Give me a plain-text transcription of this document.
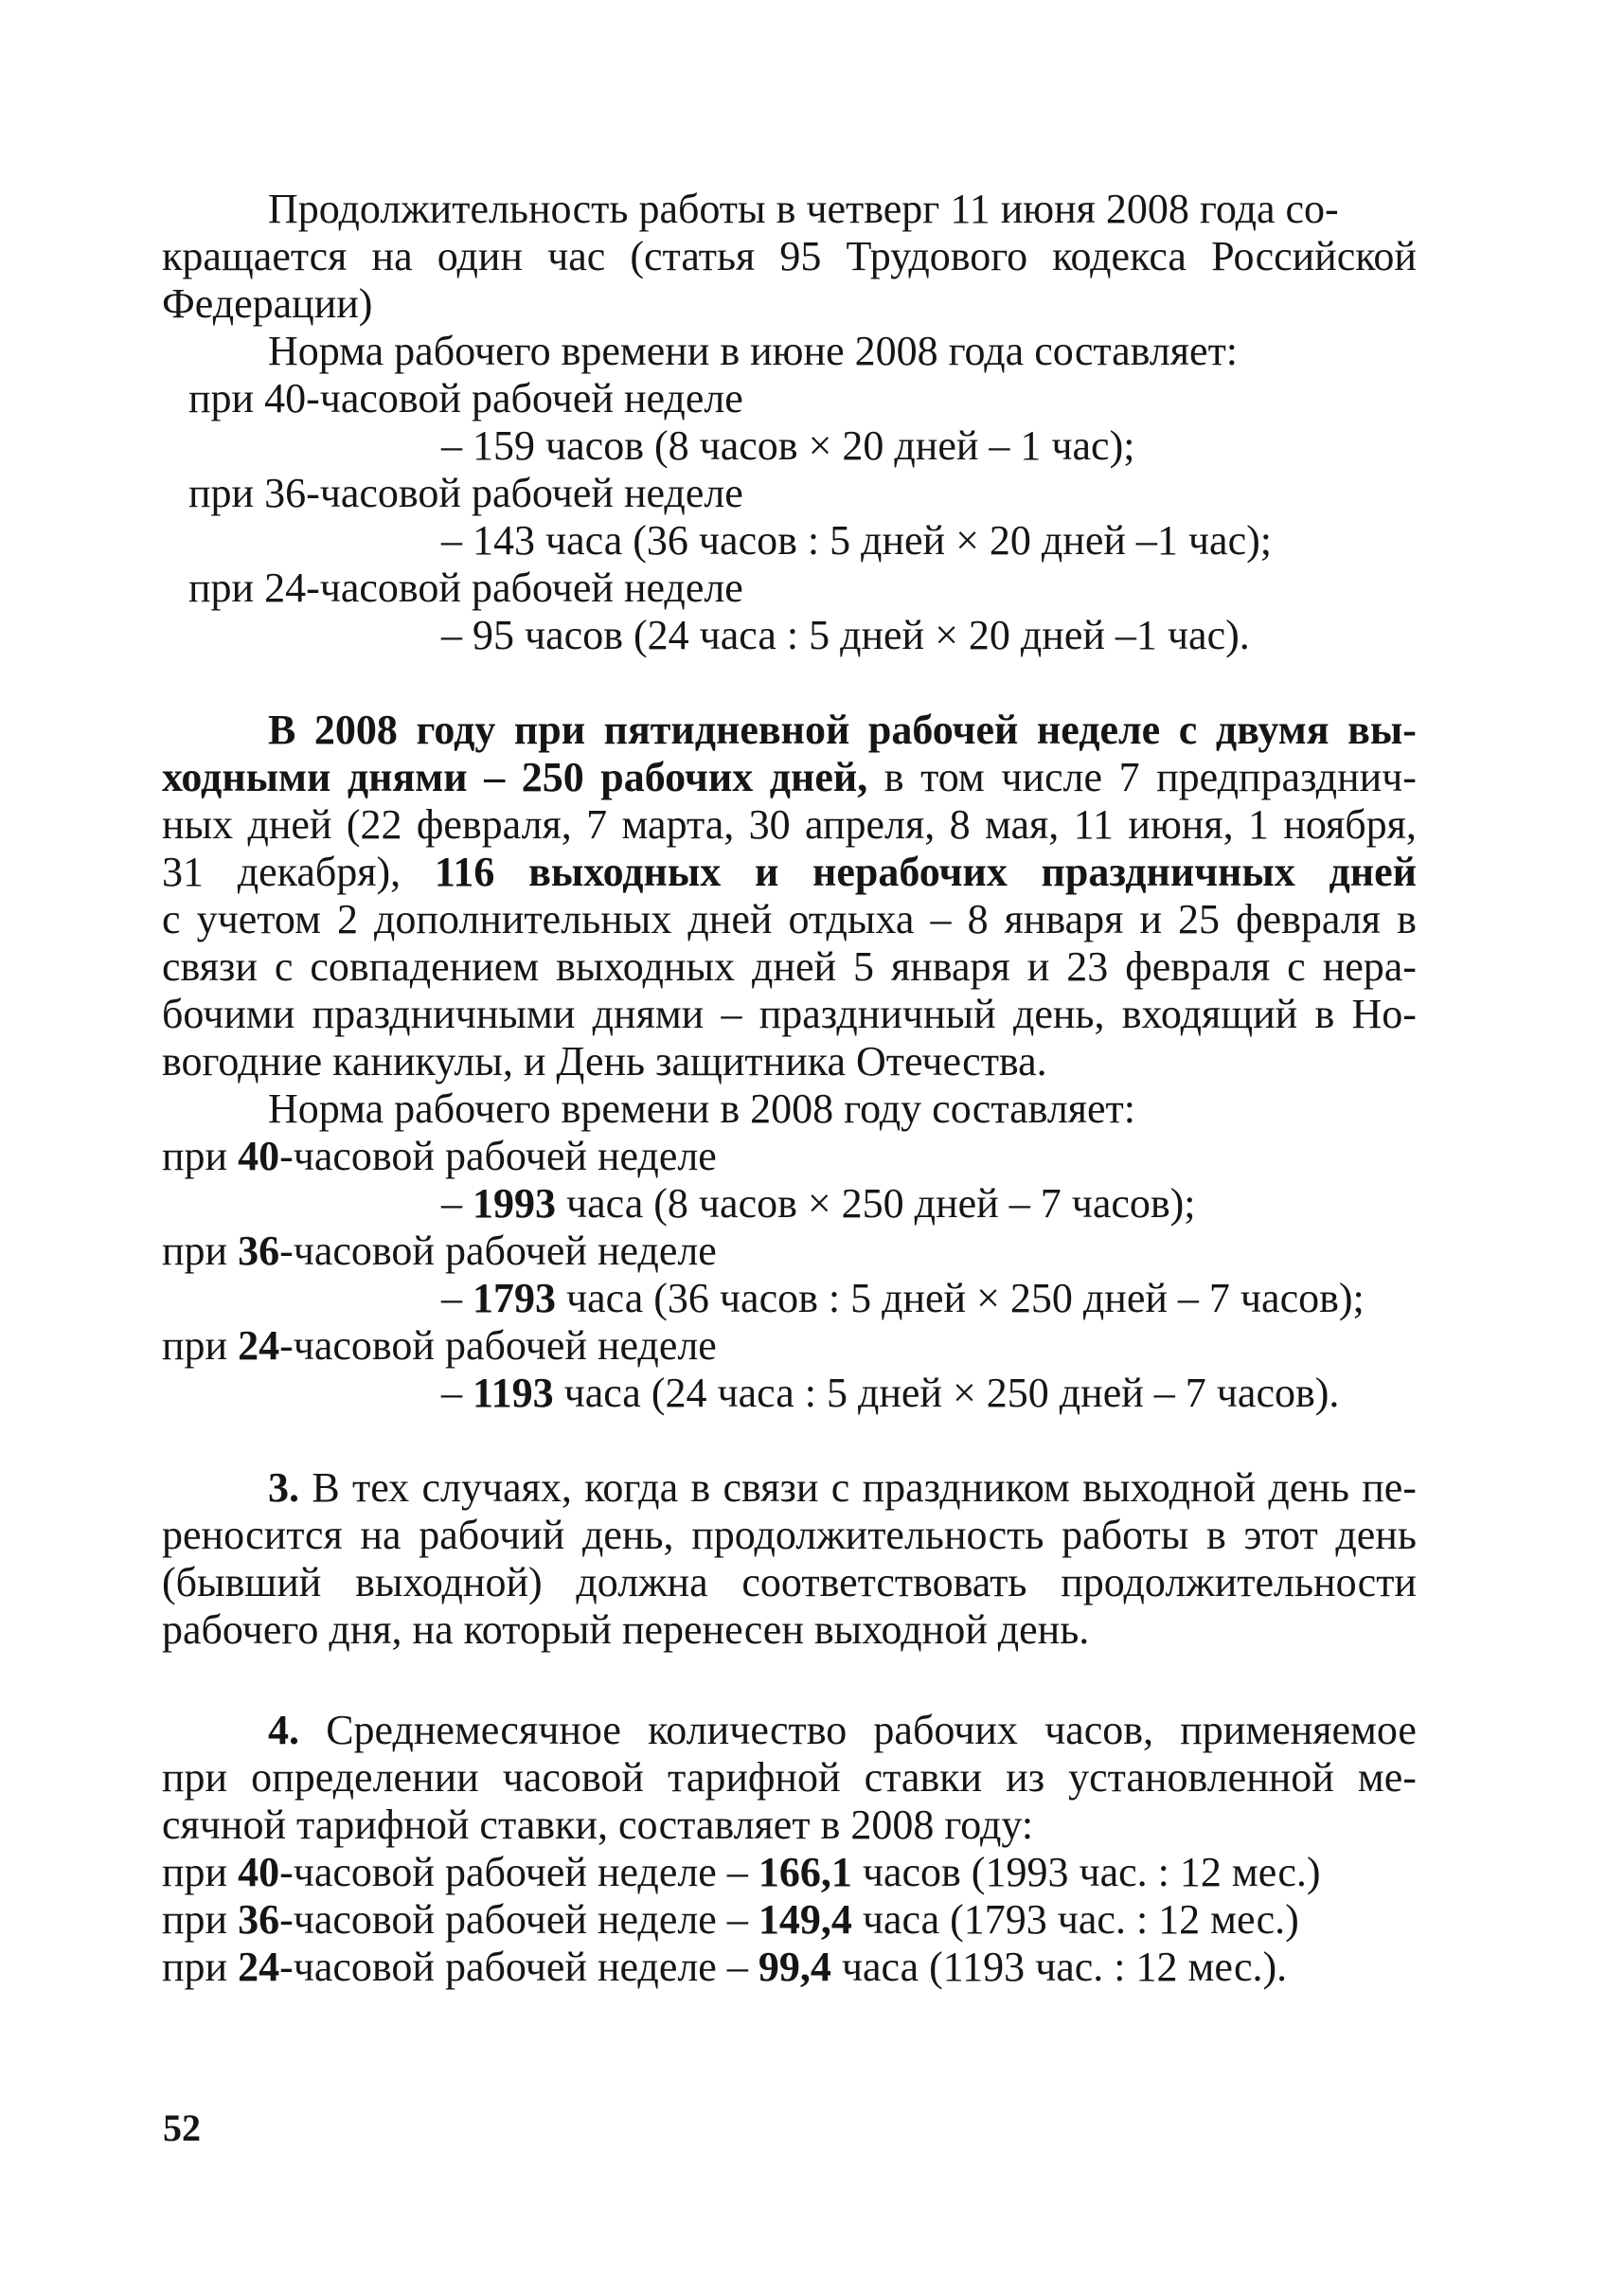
Продолжительность работы в четверг 11 июня 2008 года со-
кращается на один час (статья 95 Трудового кодекса Российской
Федерации)
Норма рабочего времени в июне 2008 года составляет:
при 40-часовой рабочей неделе
– 159 часов (8 часов × 20 дней – 1 час);
при 36-часовой рабочей неделе
– 143 часа (36 часов : 5 дней × 20 дней –1 час);
при 24-часовой рабочей неделе
– 95 часов (24 часа : 5 дней × 20 дней –1 час).
В 2008 году при пятидневной рабочей неделе с двумя вы-
ходными днями – 250 рабочих дней, в том числе 7 предпразднич-
ных дней (22 февраля, 7 марта, 30 апреля, 8 мая, 11 июня, 1 ноября,
31 декабря), 116 выходных и нерабочих праздничных дней
с учетом 2 дополнительных дней отдыха – 8 января и 25 февраля в
связи с совпадением выходных дней 5 января и 23 февраля с нера-
бочими праздничными днями – праздничный день, входящий в Но-
вогодние каникулы, и День защитника Отечества.
Норма рабочего времени в 2008 году составляет:
при 40-часовой рабочей неделе
– 1993 часа (8 часов × 250 дней – 7 часов);
при 36-часовой рабочей неделе
– 1793 часа (36 часов : 5 дней × 250 дней – 7 часов);
при 24-часовой рабочей неделе
– 1193 часа (24 часа : 5 дней × 250 дней – 7 часов).
3. В тех случаях, когда в связи с праздником выходной день пе-
реносится на рабочий день, продолжительность работы в этот день
(бывший выходной) должна соответствовать продолжительности
рабочего дня, на который перенесен выходной день.
4. Среднемесячное количество рабочих часов, применяемое
при определении часовой тарифной ставки из установленной ме-
сячной тарифной ставки, составляет в 2008 году:
при 40-часовой рабочей неделе – 166,1 часов (1993 час. : 12 мес.)
при 36-часовой рабочей неделе – 149,4 часа (1793 час. : 12 мес.)
при 24-часовой рабочей неделе – 99,4 часа (1193 час. : 12 мес.).
52
